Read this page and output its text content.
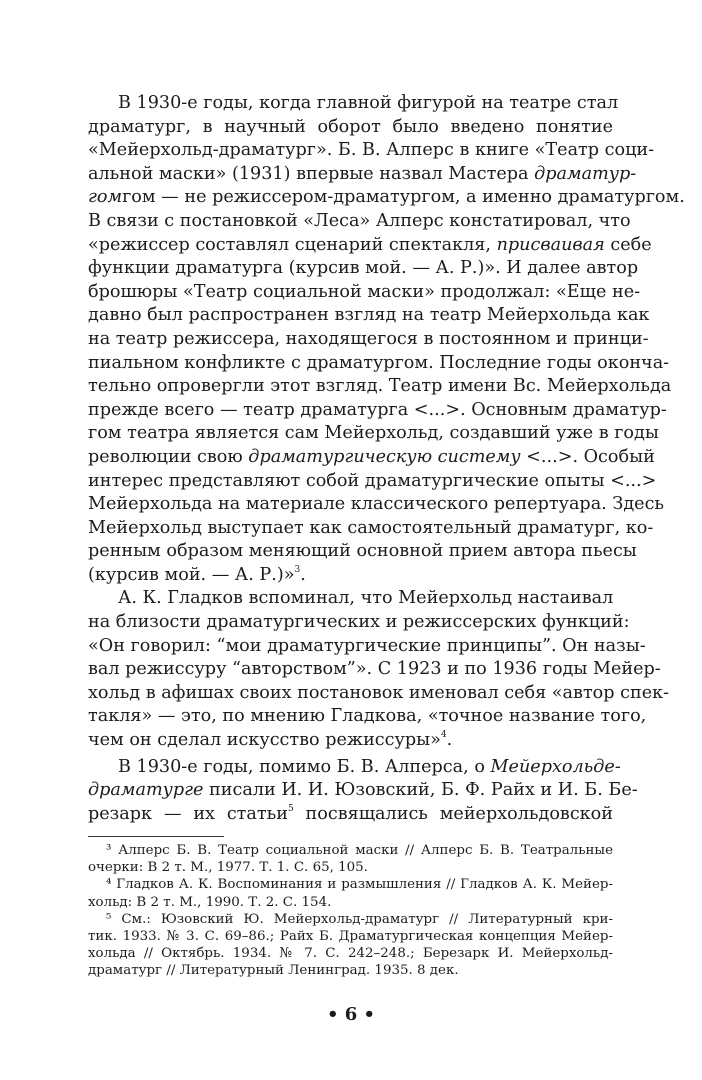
В 1930-е годы, когда главной фигурой на театре стал
драматург, в научный оборот было введено понятие
«Мейерхольд-драматург». Б. В. Алперс в книге «Театр соци-
альной маски» (1931) впервые назвал Мастера драматур-
гомгом — не режиссером-драматургом, а именно драматургом.
В связи с постановкой «Леса» Алперс констатировал, что
«режиссер составлял сценарий спектакля, присваивая себе
функции драматурга (курсив мой. — А. Р.)». И далее автор
брошюры «Театр социальной маски» продолжал: «Еще не-
давно был распространен взгляд на театр Мейерхольда как
на театр режиссера, находящегося в постоянном и принци-
пиальном конфликте с драматургом. Последние годы оконча-
тельно опровергли этот взгляд. Театр имени Вс. Мейерхольда
прежде всего — театр драматурга <...>. Основным драматур-
гом театра является сам Мейерхольд, создавший уже в годы
революции свою драматургическую систему <...>. Особый
интерес представляют собой драматургические опыты <...>
Мейерхольда на материале классического репертуара. Здесь
Мейерхольд выступает как самостоятельный драматург, ко-
ренным образом меняющий основной прием автора пьесы
(курсив мой. — А. Р.)»$^3$.
А. К. Гладков вспоминал, что Мейерхольд настаивал
на близости драматургических и режиссерских функций:
«Он говорил: “мои драматургические принципы”. Он назы-
вал режиссуру “авторством”». С 1923 и по 1936 годы Мейер-
хольд в афишах своих постановок именовал себя «автор спек-
такля» — это, по мнению Гладкова, «точное название того,
чем он сделал искусство режиссуры»$^4$.
В 1930-е годы, помимо Б. В. Алперса, о Мейерхольде-
драматурге писали И. И. Юзовский, Б. Ф. Райх и И. Б. Бе-
резарк — их статьи$^5$ посвящались мейерхольдовской
³ Алперс Б. В. Театр социальной маски // Алперс Б. В. Театральные
очерки: В 2 т. М., 1977. Т. 1. С. 65, 105.
⁴ Гладков А. К. Воспоминания и размышления // Гладков А. К. Мейер-
хольд: В 2 т. М., 1990. Т. 2. С. 154.
⁵ См.: Юзовский Ю. Мейерхольд-драматург // Литературный кри-
тик. 1933. № 3. С. 69–86.; Райх Б. Драматургическая концепция Мейер-
хольда // Октябрь. 1934. № 7. С. 242–248.; Березарк И. Мейерхольд-
драматург // Литературный Ленинград. 1935. 8 дек.
• 6 •
